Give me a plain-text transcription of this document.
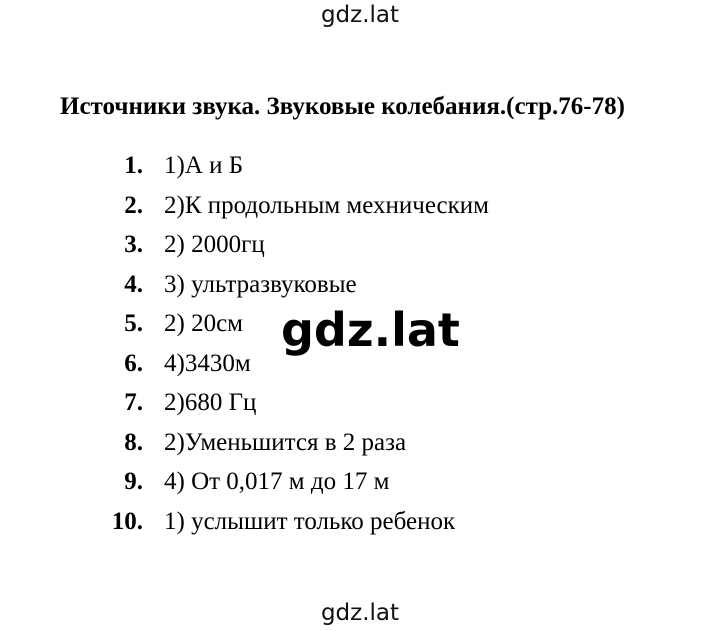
gdz.lat
Источники звука. Звуковые колебания.(стр.76-78)
1. 1)А и Б
2. 2)К продольным мехническим
3. 2) 2000гц
4. 3) ультразвуковые
5. 2) 20см
6. 4)3430м
7. 2)680 Гц
8. 2)Уменьшится в 2 раза
9. 4) От 0,017 м до 17 м
10. 1) услышит только ребенок
gdz.lat
gdz.lat
